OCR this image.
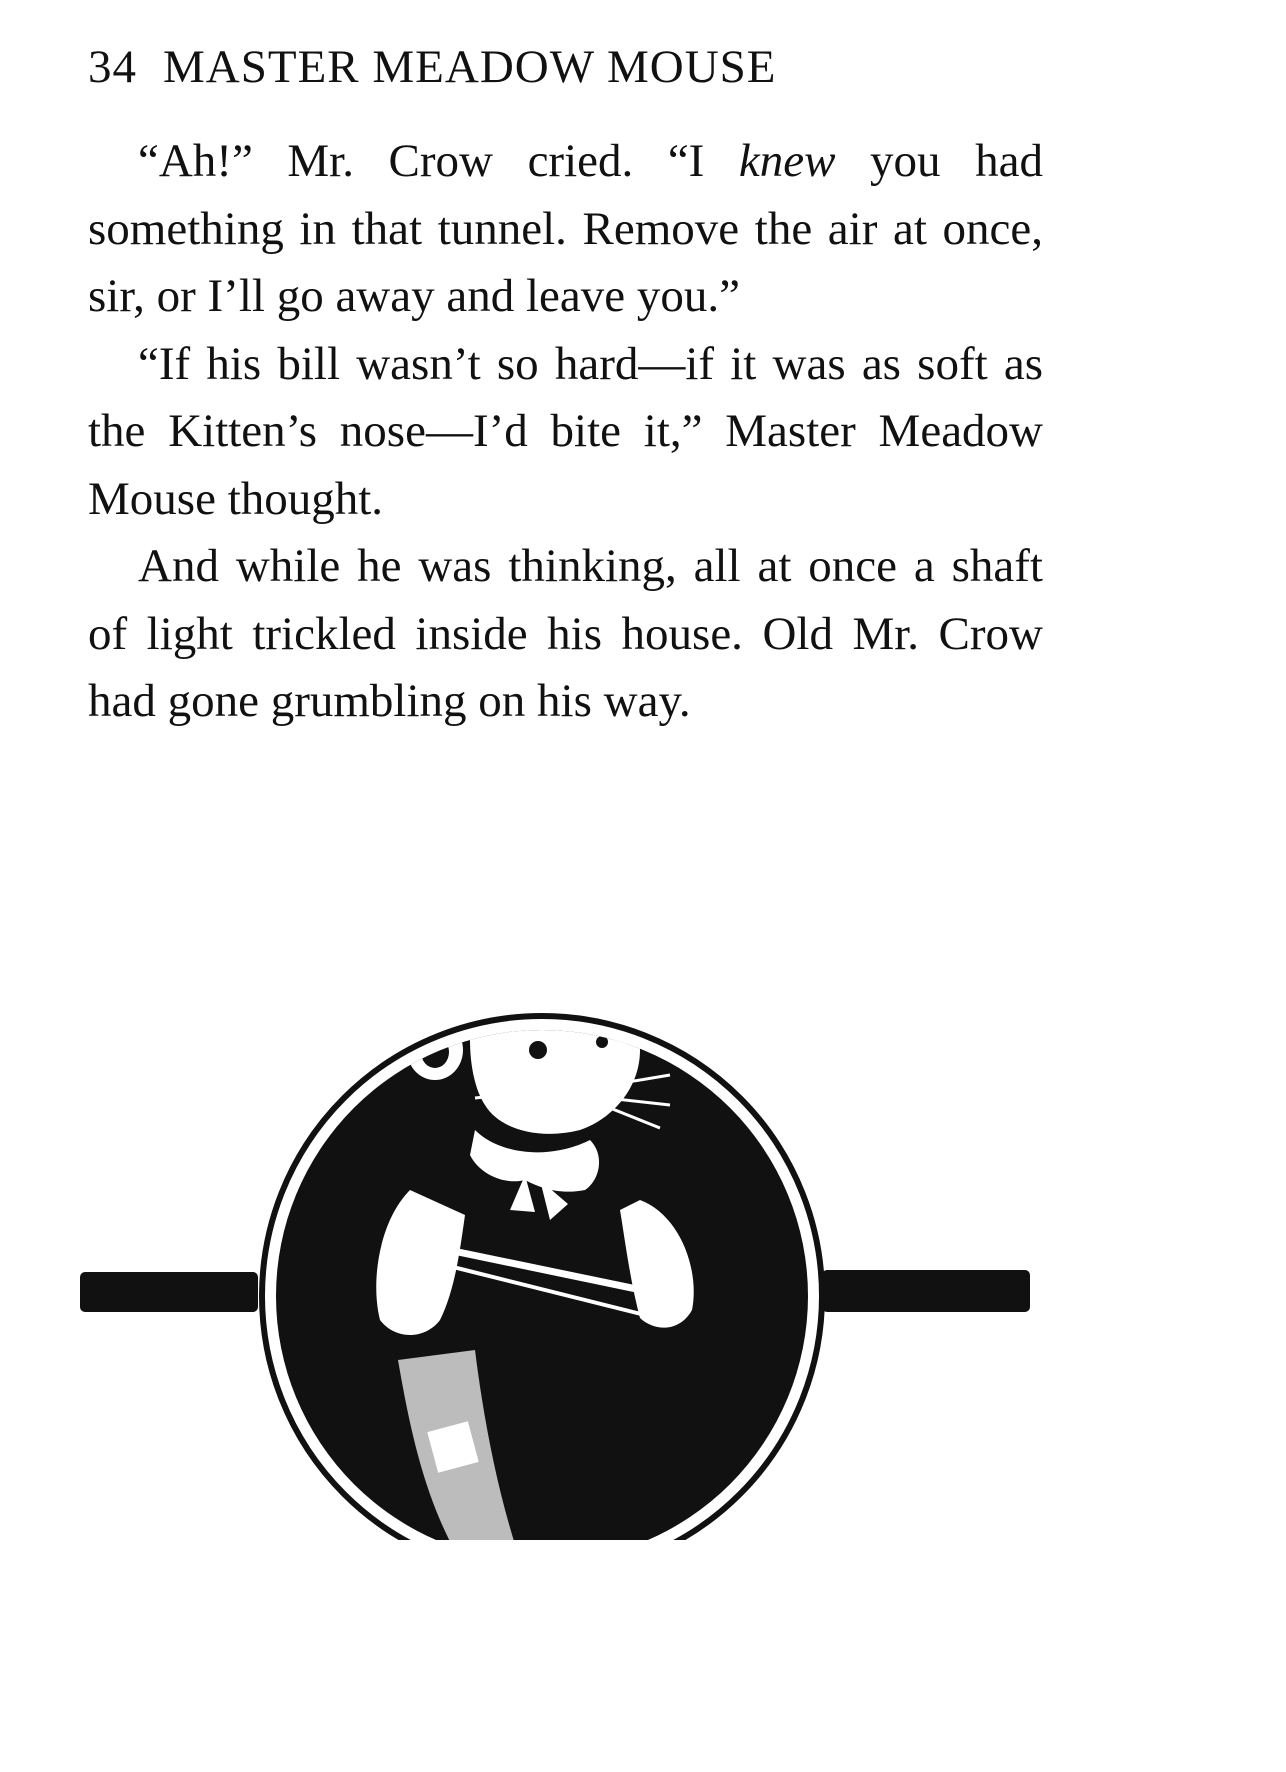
34 MASTER MEADOW MOUSE

“Ah!” Mr. Crow cried. “I knew you had something in that tunnel. Remove the air at once, sir, or I’ll go away and leave you.”

“If his bill wasn’t so hard—if it was as soft as the Kitten’s nose—I’d bite it,” Master Meadow Mouse thought.

And while he was thinking, all at once a shaft of light trickled inside his house. Old Mr. Crow had gone grumbling on his way.
